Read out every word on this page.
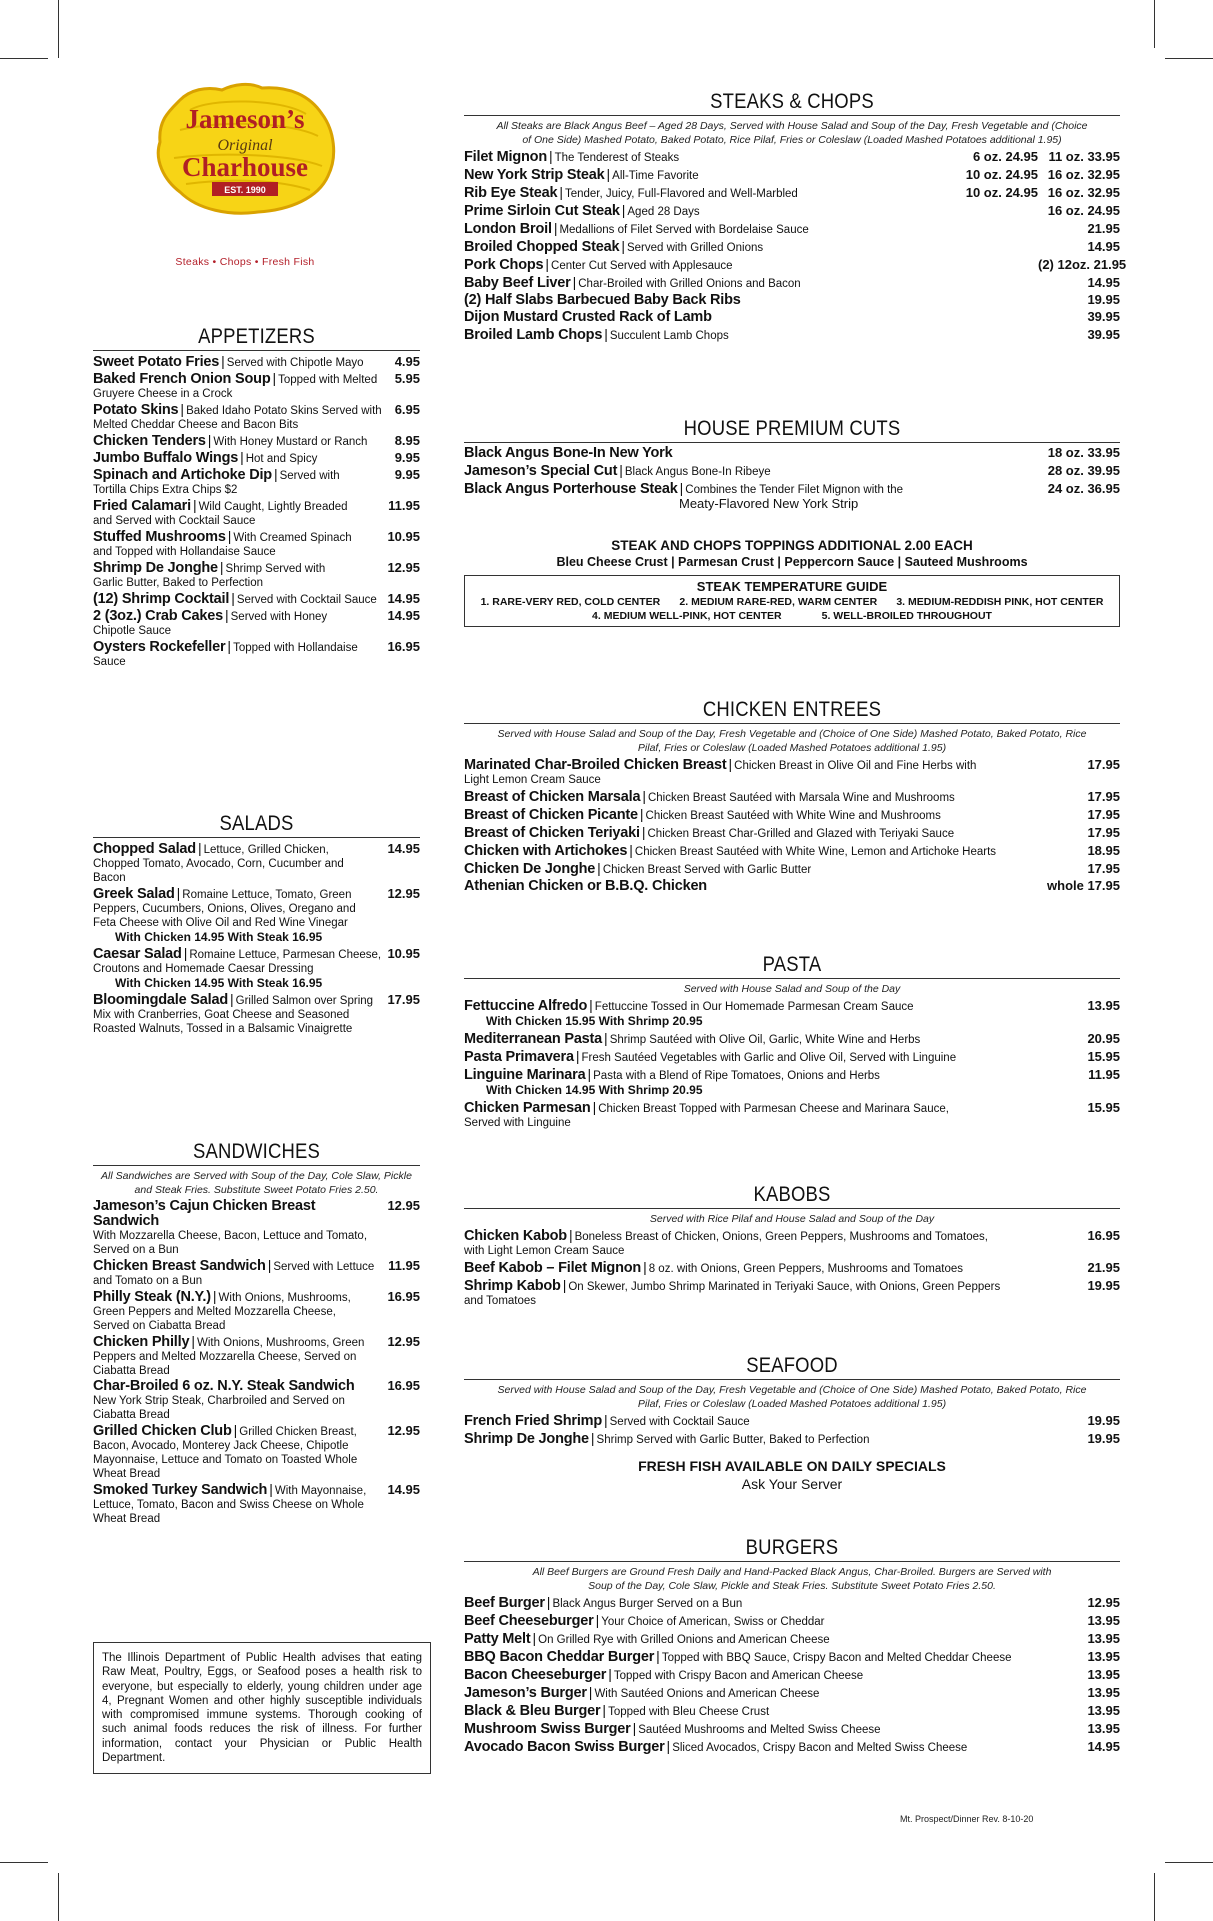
Jameson’s
Original
Charhouse
EST. 1990
Steaks • Chops • Fresh Fish
APPETIZERS
Sweet Potato Fries | Served with Chipotle Mayo	4.95
Baked French Onion Soup | Topped with Melted	5.95
Gruyere Cheese in a Crock
Potato Skins | Baked Idaho Potato Skins Served with	6.95
Melted Cheddar Cheese and Bacon Bits
Chicken Tenders | With Honey Mustard or Ranch	8.95
Jumbo Buffalo Wings | Hot and Spicy	9.95
Spinach and Artichoke Dip | Served with	9.95
Tortilla Chips Extra Chips $2
Fried Calamari | Wild Caught, Lightly Breaded	11.95
and Served with Cocktail Sauce
Stuffed Mushrooms | With Creamed Spinach	10.95
and Topped with Hollandaise Sauce
Shrimp De Jonghe | Shrimp Served with	12.95
Garlic Butter, Baked to Perfection
(12) Shrimp Cocktail | Served with Cocktail Sauce 14.95
2 (3oz.) Crab Cakes | Served with Honey	14.95
Chipotle Sauce
Oysters Rockefeller | Topped with Hollandaise	16.95
Sauce
SALADS
Chopped Salad | Lettuce, Grilled Chicken,	14.95
Chopped Tomato, Avocado, Corn, Cucumber and Bacon
Greek Salad | Romaine Lettuce, Tomato, Green	12.95
Peppers, Cucumbers, Onions, Olives, Oregano and Feta Cheese with Olive Oil and Red Wine Vinegar
With Chicken 14.95 With Steak 16.95
Caesar Salad | Romaine Lettuce, Parmesan Cheese, 10.95
Croutons and Homemade Caesar Dressing
With Chicken 14.95 With Steak 16.95
Bloomingdale Salad | Grilled Salmon over Spring	17.95
Mix with Cranberries, Goat Cheese and Seasoned Roasted Walnuts, Tossed in a Balsamic Vinaigrette
SANDWICHES
All Sandwiches are Served with Soup of the Day, Cole Slaw, Pickle and Steak Fries. Substitute Sweet Potato Fries 2.50.
Jameson’s Cajun Chicken Breast Sandwich
12.95
With Mozzarella Cheese, Bacon, Lettuce and Tomato, Served on a Bun
Chicken Breast Sandwich | Served with Lettuce	11.95
and Tomato on a Bun
Philly Steak (N.Y.) | With Onions, Mushrooms,	16.95
Green Peppers and Melted Mozzarella Cheese, Served on Ciabatta Bread
Chicken Philly | With Onions, Mushrooms, Green	12.95
Peppers and Melted Mozzarella Cheese, Served on Ciabatta Bread
Char-Broiled 6 oz. N.Y. Steak Sandwich	16.95
New York Strip Steak, Charbroiled and Served on Ciabatta Bread
Grilled Chicken Club | Grilled Chicken Breast,	12.95
Bacon, Avocado, Monterey Jack Cheese, Chipotle Mayonnaise, Lettuce and Tomato on Toasted Whole Wheat Bread
Smoked Turkey Sandwich | With Mayonnaise,	14.95
Lettuce, Tomato, Bacon and Swiss Cheese on Whole Wheat Bread
The Illinois Department of Public Health advises that eating Raw Meat, Poultry, Eggs, or Seafood poses a health risk to everyone, but especially to elderly, young children under age 4, Pregnant Women and other highly susceptible individuals with compromised immune systems. Thorough cooking of such animal foods reduces the risk of illness. For further information, contact your Physician or Public Health Department.
STEAKS & CHOPS
All Steaks are Black Angus Beef – Aged 28 Days, Served with House Salad and Soup of the Day, Fresh Vegetable and (Choice of One Side) Mashed Potato, Baked Potato, Rice Pilaf, Fries or Coleslaw (Loaded Mashed Potatoes additional 1.95)
Filet Mignon | The Tenderest of Steaks	6 oz. 24.95 11 oz. 33.95
New York Strip Steak | All-Time Favorite	10 oz. 24.95 16 oz. 32.95
Rib Eye Steak | Tender, Juicy, Full-Flavored and Well-Marbled	10 oz. 24.95 16 oz. 32.95
Prime Sirloin Cut Steak | Aged 28 Days	16 oz. 24.95
London Broil | Medallions of Filet Served with Bordelaise Sauce	21.95
Broiled Chopped Steak | Served with Grilled Onions	14.95
Pork Chops | Center Cut Served with Applesauce	(2) 12oz. 21.95
Baby Beef Liver | Char-Broiled with Grilled Onions and Bacon	14.95
(2) Half Slabs Barbecued Baby Back Ribs	19.95
Dijon Mustard Crusted Rack of Lamb	39.95
Broiled Lamb Chops | Succulent Lamb Chops	39.95
HOUSE PREMIUM CUTS
Black Angus Bone-In New York	18 oz. 33.95
Jameson’s Special Cut | Black Angus Bone-In Ribeye	28 oz. 39.95
Black Angus Porterhouse Steak | Combines the Tender Filet Mignon with the	24 oz. 36.95
Meaty-Flavored New York Strip
STEAK AND CHOPS TOPPINGS ADDITIONAL 2.00 EACH
Bleu Cheese Crust | Parmesan Crust | Peppercorn Sauce | Sauteed Mushrooms
STEAK TEMPERATURE GUIDE
1. RARE-VERY RED, COLD CENTER 2. MEDIUM RARE-RED, WARM CENTER 3. MEDIUM-REDDISH PINK, HOT CENTER
4. MEDIUM WELL-PINK, HOT CENTER	5. WELL-BROILED THROUGHOUT
CHICKEN ENTREES
Served with House Salad and Soup of the Day, Fresh Vegetable and (Choice of One Side) Mashed Potato, Baked Potato, Rice Pilaf, Fries or Coleslaw (Loaded Mashed Potatoes additional 1.95)
Marinated Char-Broiled Chicken Breast | Chicken Breast in Olive Oil and Fine Herbs with	17.95
Light Lemon Cream Sauce
Breast of Chicken Marsala | Chicken Breast Sautéed with Marsala Wine and Mushrooms	17.95
Breast of Chicken Picante | Chicken Breast Sautéed with White Wine and Mushrooms	17.95
Breast of Chicken Teriyaki | Chicken Breast Char-Grilled and Glazed with Teriyaki Sauce	17.95
Chicken with Artichokes | Chicken Breast Sautéed with White Wine, Lemon and Artichoke Hearts	18.95
Chicken De Jonghe | Chicken Breast Served with Garlic Butter	17.95
Athenian Chicken or B.B.Q. Chicken	whole 17.95
PASTA
Served with House Salad and Soup of the Day
Fettuccine Alfredo | Fettuccine Tossed in Our Homemade Parmesan Cream Sauce	13.95
With Chicken 15.95 With Shrimp 20.95
Mediterranean Pasta | Shrimp Sautéed with Olive Oil, Garlic, White Wine and Herbs	20.95
Pasta Primavera | Fresh Sautéed Vegetables with Garlic and Olive Oil, Served with Linguine	15.95
Linguine Marinara | Pasta with a Blend of Ripe Tomatoes, Onions and Herbs	11.95
With Chicken 14.95 With Shrimp 20.95
Chicken Parmesan | Chicken Breast Topped with Parmesan Cheese and Marinara Sauce,	15.95
Served with Linguine
KABOBS
Served with Rice Pilaf and House Salad and Soup of the Day
Chicken Kabob | Boneless Breast of Chicken, Onions, Green Peppers, Mushrooms and Tomatoes,	16.95
with Light Lemon Cream Sauce
Beef Kabob – Filet Mignon | 8 oz. with Onions, Green Peppers, Mushrooms and Tomatoes	21.95
Shrimp Kabob | On Skewer, Jumbo Shrimp Marinated in Teriyaki Sauce, with Onions, Green Peppers	19.95
and Tomatoes
SEAFOOD
Served with House Salad and Soup of the Day, Fresh Vegetable and (Choice of One Side) Mashed Potato, Baked Potato, Rice Pilaf, Fries or Coleslaw (Loaded Mashed Potatoes additional 1.95)
French Fried Shrimp | Served with Cocktail Sauce	19.95
Shrimp De Jonghe | Shrimp Served with Garlic Butter, Baked to Perfection	19.95
FRESH FISH AVAILABLE ON DAILY SPECIALS
Ask Your Server
BURGERS
All Beef Burgers are Ground Fresh Daily and Hand-Packed Black Angus, Char-Broiled. Burgers are Served with Soup of the Day, Cole Slaw, Pickle and Steak Fries. Substitute Sweet Potato Fries 2.50.
Beef Burger | Black Angus Burger Served on a Bun	12.95
Beef Cheeseburger | Your Choice of American, Swiss or Cheddar	13.95
Patty Melt | On Grilled Rye with Grilled Onions and American Cheese	13.95
BBQ Bacon Cheddar Burger | Topped with BBQ Sauce, Crispy Bacon and Melted Cheddar Cheese	13.95
Bacon Cheeseburger | Topped with Crispy Bacon and American Cheese	13.95
Jameson’s Burger | With Sautéed Onions and American Cheese	13.95
Black & Bleu Burger | Topped with Bleu Cheese Crust	13.95
Mushroom Swiss Burger | Sautéed Mushrooms and Melted Swiss Cheese	13.95
Avocado Bacon Swiss Burger | Sliced Avocados, Crispy Bacon and Melted Swiss Cheese	14.95
Mt. Prospect/Dinner Rev. 8-10-20
